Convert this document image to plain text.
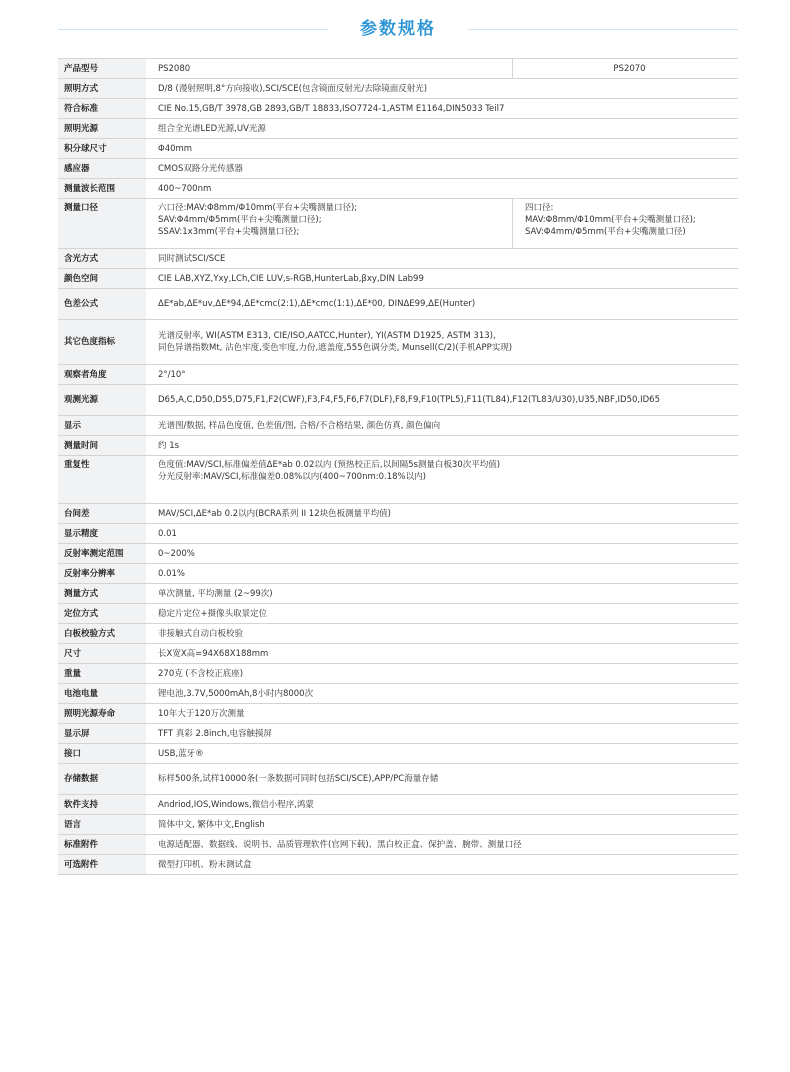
参数规格
产品型号	PS2080	PS2070
照明方式	D/8 (漫射照明,8°方向接收),SCI/SCE(包含镜面反射光/去除镜面反射光)	
符合标准	CIE No.15,GB/T 3978,GB 2893,GB/T 18833,ISO7724-1,ASTM E1164,DIN5033 Teil7	
照明光源	组合全光谱LED光源,UV光源	
积分球尺寸	Φ40mm	
感应器	CMOS双路分光传感器	
测量波长范围	400~700nm	
测量口径	六口径:MAV:Φ8mm/Φ10mm(平台+尖嘴测量口径);
SAV:Φ4mm/Φ5mm(平台+尖嘴测量口径);
SSAV:1x3mm(平台+尖嘴测量口径);	四口径:
MAV:Φ8mm/Φ10mm(平台+尖嘴测量口径);
SAV:Φ4mm/Φ5mm(平台+尖嘴测量口径)
含光方式	同时测试SCI/SCE	
颜色空间	CIE LAB,XYZ,Yxy,LCh,CIE LUV,s-RGB,HunterLab,βxy,DIN Lab99	
色差公式	ΔE*ab,ΔE*uv,ΔE*94,ΔE*cmc(2:1),ΔE*cmc(1:1),ΔE*00, DINΔE99,ΔE(Hunter)	
其它色度指标	光谱反射率, WI(ASTM E313, CIE/ISO,AATCC,Hunter), YI(ASTM D1925, ASTM 313),
同色异谱指数Mt, 沾色牢度,变色牢度,力份,遮盖度,555色调分类, Munsell(C/2)(手机APP实现)	
观察者角度	2°/10°	
观测光源	D65,A,C,D50,D55,D75,F1,F2(CWF),F3,F4,F5,F6,F7(DLF),F8,F9,F10(TPL5),F11(TL84),F12(TL83/U30),U35,NBF,ID50,ID65	
显示	光谱图/数据, 样品色度值, 色差值/图, 合格/不合格结果, 颜色仿真, 颜色偏向	
测量时间	约 1s	
重复性	色度值:MAV/SCI,标准偏差值ΔE*ab 0.02以内 (预热校正后,以间隔5s测量白板30次平均值)
分光反射率:MAV/SCI,标准偏差0.08%以内(400~700nm:0.18%以内)	
台间差	MAV/SCI,ΔE*ab 0.2以内(BCRA系列 II 12块色板测量平均值)	
显示精度	0.01	
反射率测定范围	0~200%	
反射率分辨率	0.01%	
测量方式	单次测量, 平均测量 (2~99次)	
定位方式	稳定片定位+摄像头取景定位	
白板校验方式	非接触式自动白板校验	
尺寸	长X宽X高=94X68X188mm	
重量	270克 (不含校正底座)	
电池电量	锂电池,3.7V,5000mAh,8小时内8000次	
照明光源寿命	10年大于120万次测量	
显示屏	TFT 真彩 2.8inch,电容触摸屏	
接口	USB,蓝牙®	
存储数据	标样500条,试样10000条(一条数据可同时包括SCI/SCE),APP/PC海量存储	
软件支持	Andriod,IOS,Windows,微信小程序,鸿蒙	
语言	简体中文, 繁体中文,English	
标准附件	电源适配器、数据线、说明书、品质管理软件(官网下载)、黑白校正盒、保护盖、腕带、测量口径	
可选附件	微型打印机、粉末测试盒	
